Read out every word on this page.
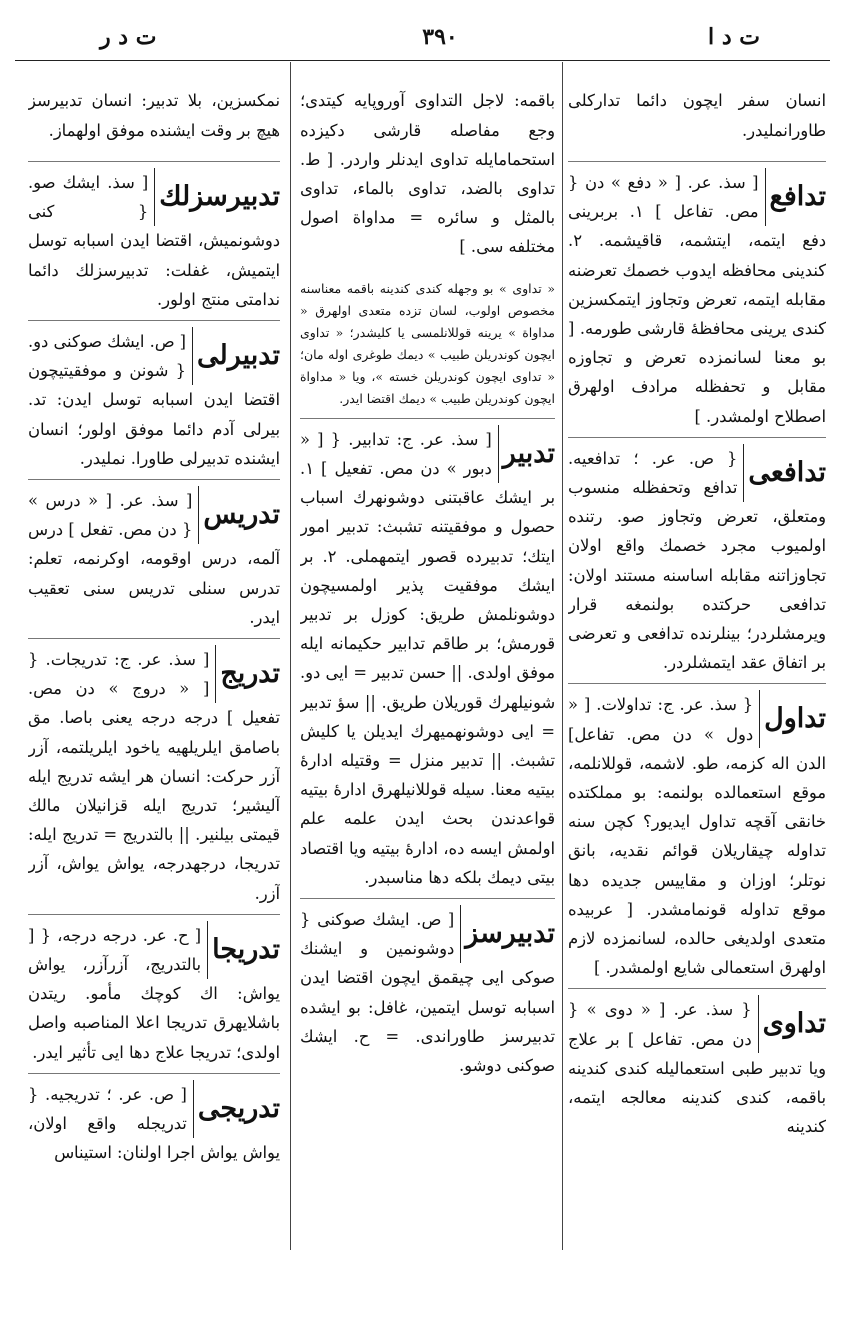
ت د ر	٣٩٠	ت د ا

انسان سفر ایچون دائما تدارکلی طاورانملیدر.

تدافع
[ سذ. عر. [ « دفع » دن { مص. تفاعل ] ١. بربرینی دفع ایتمه، ایتشمه، قاقیشمه. ٢. کندینی محافظه ایدوب خصمك تعرضنه مقابله ایتمه، تعرض وتجاوز ایتمکسزین کندی یرینی محافظهٔ قارشی طورمه. [ بو معنا لسانمزده تعرض و تجاوزه مقابل و تحفظله مرادف اولهرق اصطلاح اولمشدر. ]
تدافعی
{ ص. عر. ؛ تدافعیه. تدافع وتحفظله منسوب ومتعلق، تعرض وتجاوز صو. رتنده اولمیوب مجرد خصمك واقع اولان تجاوزاتنه مقابله اساسنه مستند اولان: تدافعی حرکتده بولنمغه قرار ویرمشلردر؛ بینلرنده تدافعی و تعرضی بر اتفاق عقد ایتمشلردر.
تداول
{ سذ. عر. ج: تداولات. [ « دول » دن مص. تفاعل] الدن اله کزمه، طو. لاشمه، قوللانلمه، موقع استعمالده بولنمه: بو مملکتده خانقی آقچه تداول ایدیور؟ کچن سنه تداوله چیقاریلان قوائم نقدیه، بانق نوتلر؛ اوزان و مقاییس جدیده دها موقع تداوله قونمامشدر. [ عربیده متعدی اولدیغی حالده، لسانمزده لازم اولهرق استعمالی شایع اولمشدر. ]
تداوی
{ سذ. عر. [ « دوی » { دن مص. تفاعل ] بر علاج ویا تدبیر طبی استعمالیله کندی کندینه باقمه، کندی کندینه معالجه ایتمه، کندینه

باقمه: لاجل التداوی آوروپایه کیتدی؛ وجع مفاصله قارشی دکیزده استحمامایله تداوی ایدنلر واردر. [ ط. تداوی بالضد، تداوی بالماء، تداوی بالمثل و سائره = مداواة اصول مختلفه سی. ]

« تداوی » بو وجهله کندی کندینه باقمه معناسنه مخصوص اولوب، لسان تزده متعدی اولهرق « مداواة » یرینه قوللانلمسی یا کلیشدر؛ « تداوی ایچون کوندریلن طبیب » دیمك طوغری اوله مان؛ « تداوی ایچون کوندریلن خسته »، ویا « مداواة ایچون کوندریلن طبیب » دیمك اقتضا ایدر.

تدبیر
[ سذ. عر. ج: تدابیر. { [ « دبور » دن مص. تفعیل ] ١. بر ایشك عاقبتنی دوشونهرك اسباب حصول و موفقیتنه تشبث: تدبیر امور ایتك؛ تدبیرده قصور ایتمهملی. ٢. بر ایشك موفقیت پذیر اولمسیچون دوشونلمش طریق: کوزل بر تدبیر قورمش؛ بر طاقم تدابیر حکیمانه ایله موفق اولدی. || حسن تدبیر = ایی دو. شونیلهرك قوریلان طریق. || سؤ تدبیر = ایی دوشونهمیهرك ایدیلن یا کلیش تشبث. || تدبیر منزل = وقتیله ادارهٔ بیتیه معنا. سیله قوللانیلهرق ادارهٔ بیتیه قواعدندن بحث ایدن علمه علم اولمش ایسه ده، ادارهٔ بیتیه ویا اقتصاد بیتی دیمك بلکه دها مناسبدر.
تدبیرسز
[ ص. ایشك صوکنی { دوشونمین و ایشنك صوکی ایی چیقمق ایچون اقتضا ایدن اسبابه توسل ایتمین، غافل: بو ایشده تدبیرسز طاوراندی. = ح. ایشك صوکنی دوشو.

نمکسزین، بلا تدبیر: انسان تدبیرسز هیچ بر وقت ایشنده موفق اولهماز.

تدبیرسزلك
[ سذ. ایشك صو. { کنی دوشونمیش، اقتضا ایدن اسبابه توسل ایتمیش، غفلت: تدبیرسزلك دائما ندامتی منتج اولور.
تدبیرلی
[ ص. ایشك صوکنی دو. { شونن و موفقیتیچون اقتضا ایدن اسبابه توسل ایدن: تد. بیرلی آدم دائما موفق اولور؛ انسان ایشنده تدبیرلی طاورا. نملیدر.
تدریس
[ سذ. عر. [ « درس » { دن مص. تفعل ] درس آلمه، درس اوقومه، اوکرنمه، تعلم: تدرس سنلی تدریس سنی تعقیب ایدر.
تدریج
[ سذ. عر. ج: تدریجات. { [ « دروج » دن مص. تفعیل ] درجه درجه یعنی باصا. مق باصامق ایلریلهیه یاخود ایلریلتمه، آزر آزر حرکت: انسان هر ایشه تدریج ایله آلیشیر؛ تدریج ایله قزانیلان مالك قیمتی بیلنیر. || بالتدریج = تدریج ایله: تدریجا، درجهدرجه، یواش یواش، آزر آزر.
تدریجا
[ ح. عر. درجه درجه، { [ بالتدریج، آزرآزر، یواش یواش: اك کوچك مأمو. ریتدن باشلایهرق تدریجا اعلا المناصبه واصل اولدی؛ تدریجا علاج دها ایی تأثیر ایدر.
تدریجی
[ ص. عر. ؛ تدریجیه. { تدریجله واقع اولان، یواش یواش اجرا اولنان: استیناس
